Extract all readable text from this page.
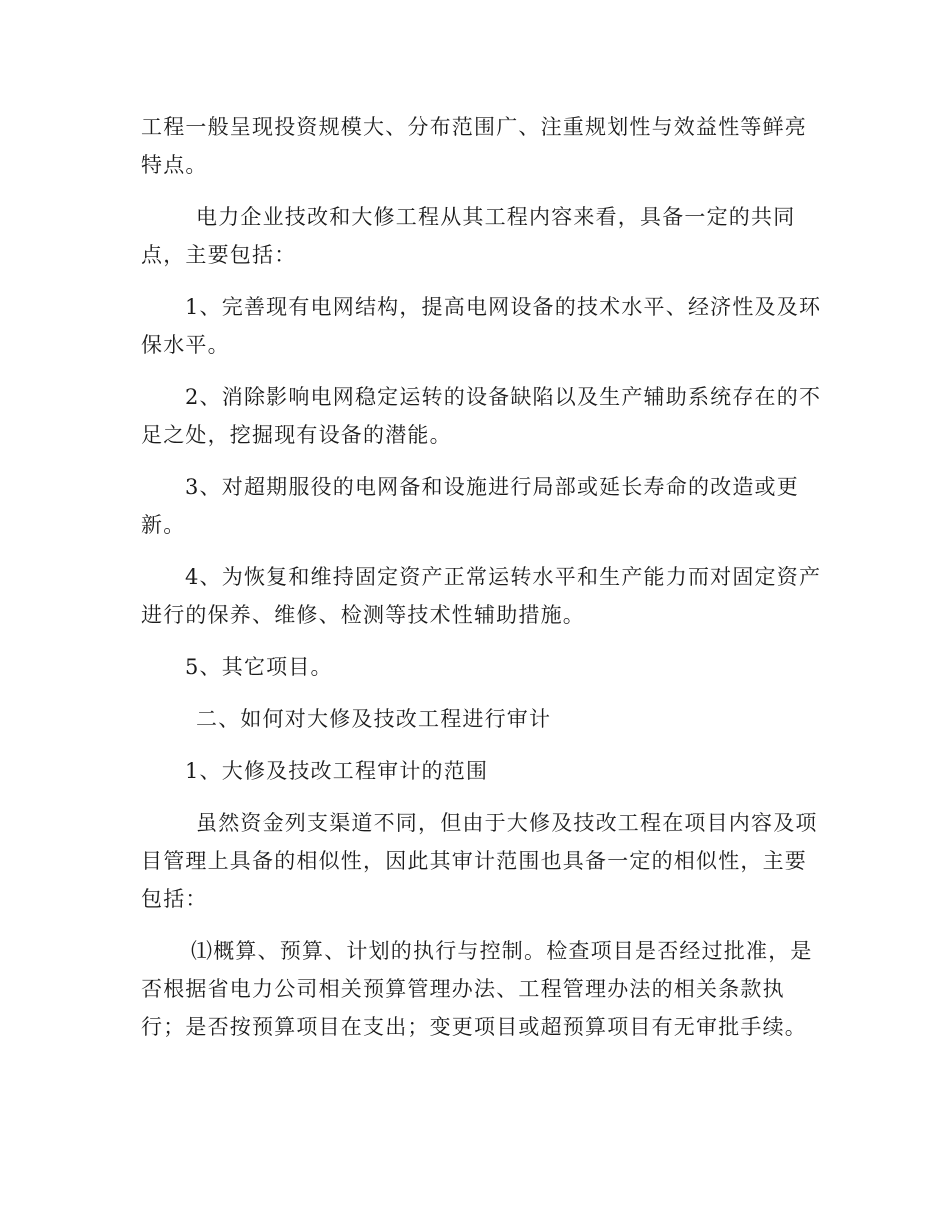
工程一般呈现投资规模大、分布范围广、注重规划性与效益性等鲜亮

特点。

电力企业技改和大修工程从其工程内容来看，具备一定的共同

点，主要包括：

1、完善现有电网结构，提高电网设备的技术水平、经济性及及环

保水平。

2、消除影响电网稳定运转的设备缺陷以及生产辅助系统存在的不

足之处，挖掘现有设备的潜能。

3、对超期服役的电网备和设施进行局部或延长寿命的改造或更

新。

4、为恢复和维持固定资产正常运转水平和生产能力而对固定资产

进行的保养、维修、检测等技术性辅助措施。

5、其它项目。

二、如何对大修及技改工程进行审计

1、大修及技改工程审计的范围

虽然资金列支渠道不同，但由于大修及技改工程在项目内容及项

目管理上具备的相似性，因此其审计范围也具备一定的相似性，主要

包括：

⑴概算、预算、计划的执行与控制。检查项目是否经过批准，是

否根据省电力公司相关预算管理办法、工程管理办法的相关条款执

行；是否按预算项目在支出；变更项目或超预算项目有无审批手续。
